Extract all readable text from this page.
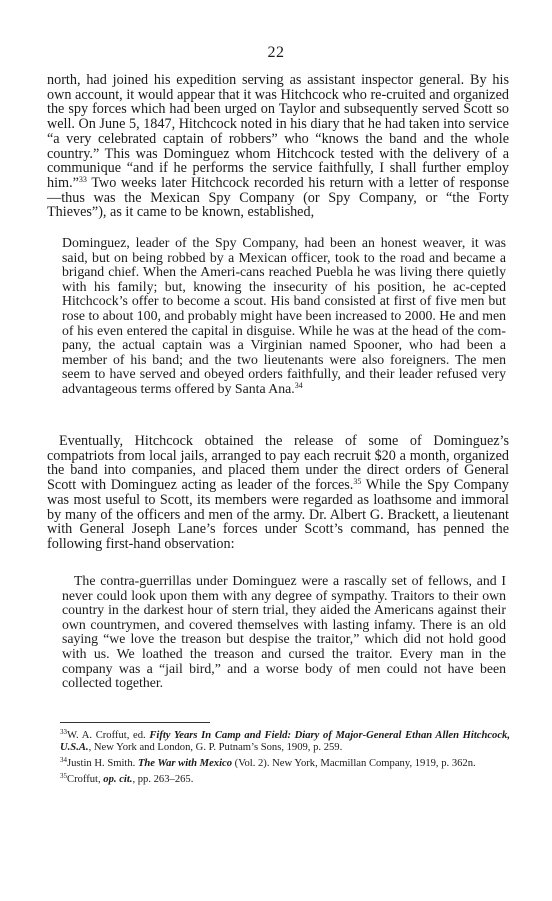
22

north, had joined his expedition serving as assistant inspector general. By his own account, it would appear that it was Hitchcock who re-cruited and organized the spy forces which had been urged on Taylor and subsequently served Scott so well. On June 5, 1847, Hitchcock noted in his diary that he had taken into service “a very celebrated captain of robbers” who “knows the band and the whole country.” This was Dominguez whom Hitchcock tested with the delivery of a communique “and if he performs the service faithfully, I shall further employ him.”$^{33}$ Two weeks later Hitchcock recorded his return with a letter of response—thus was the Mexican Spy Company (or Spy Company, or “the Forty Thieves”), as it came to be known, established,

Dominguez, leader of the Spy Company, had been an honest weaver, it was said, but on being robbed by a Mexican officer, took to the road and became a brigand chief. When the Ameri-cans reached Puebla he was living there quietly with his family; but, knowing the insecurity of his position, he ac-cepted Hitchcock’s offer to become a scout. His band consisted at first of five men but rose to about 100, and probably might have been increased to 2000. He and men of his even entered the capital in disguise. While he was at the head of the com-pany, the actual captain was a Virginian named Spooner, who had been a member of his band; and the two lieutenants were also foreigners. The men seem to have served and obeyed orders faithfully, and their leader refused very advantageous terms offered by Santa Ana.$^{34}$

Eventually, Hitchcock obtained the release of some of Dominguez’s compatriots from local jails, arranged to pay each recruit $20 a month, organized the band into companies, and placed them under the direct orders of General Scott with Dominguez acting as leader of the forces.$^{35}$ While the Spy Company was most useful to Scott, its members were regarded as loathsome and immoral by many of the officers and men of the army. Dr. Albert G. Brackett, a lieutenant with General Joseph Lane’s forces under Scott’s command, has penned the following first-hand observation:

The contra-guerrillas under Dominguez were a rascally set of fellows, and I never could look upon them with any degree of sympathy. Traitors to their own country in the darkest hour of stern trial, they aided the Americans against their own countrymen, and covered themselves with lasting infamy. There is an old saying “we love the treason but despise the traitor,” which did not hold good with us. We loathed the treason and cursed the traitor. Every man in the company was a “jail bird,” and a worse body of men could not have been collected together.

$^{33}$W. A. Croffut, ed. Fifty Years In Camp and Field: Diary of Major-General Ethan Allen Hitchcock, U.S.A., New York and London, G. P. Putnam’s Sons, 1909, p. 259.
$^{34}$Justin H. Smith. The War with Mexico (Vol. 2). New York, Macmillan Company, 1919, p. 362n.
$^{35}$Croffut, op. cit., pp. 263–265.
